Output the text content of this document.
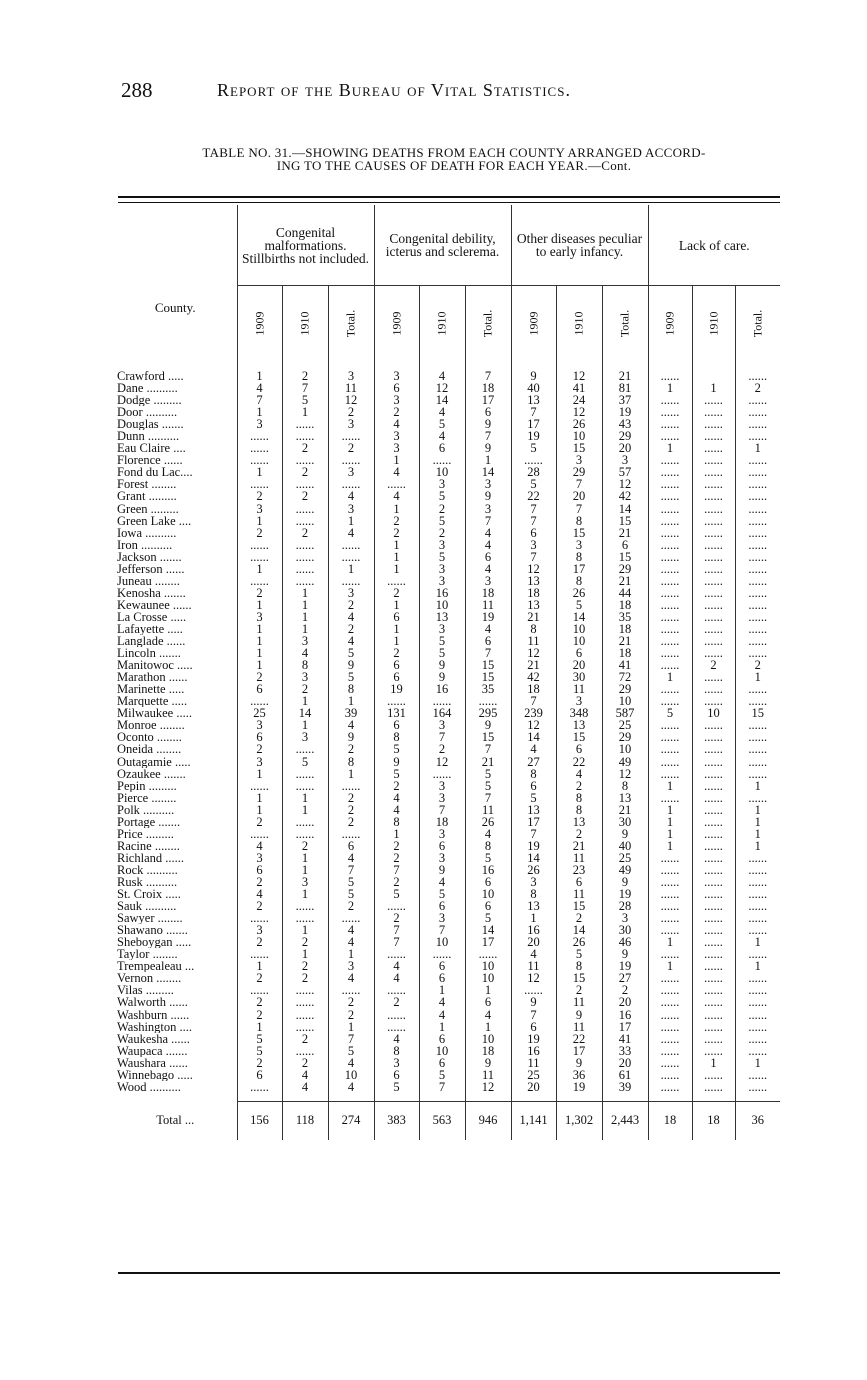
288	Report of the Bureau of Vital Statistics.
TABLE NO. 31.—SHOWING DEATHS FROM EACH COUNTY ARRANGED ACCORD-
ING TO THE CAUSES OF DEATH FOR EACH YEAR.—Cont.
County.	Congenital malformations. Stillbirths not included.			Congenital debility, icterus and sclerema.			Other diseases peculiar to early infancy.			Lack of care.		
	1909	1910	Total.	1909	1910	Total.	1909	1910	Total.	1909	1910	Total.

Crawford .....	1	2	3	3	4	7	9	12	21	......		......
Dane ..........	4	7	11	6	12	18	40	41	81	1	1	2
Dodge .........	7	5	12	3	14	17	13	24	37	......	......	......
Door ..........	1	1	2	2	4	6	7	12	19	......	......	......
Douglas .......	3	......	3	4	5	9	17	26	43	......	......	......
Dunn ..........	......	......	......	3	4	7	19	10	29	......	......	......
Eau Claire ....	......	2	2	3	6	9	5	15	20	1	......	1
Florence ......	......	......	......	1	......	1	......	3	3	......	......	......
Fond du Lac....	1	2	3	4	10	14	28	29	57	......	......	......
Forest ........	......	......	......	......	3	3	5	7	12	......	......	......
Grant .........	2	2	4	4	5	9	22	20	42	......	......	......
Green .........	3	......	3	1	2	3	7	7	14	......	......	......
Green Lake ....	1	......	1	2	5	7	7	8	15	......	......	......
Iowa ..........	2	2	4	2	2	4	6	15	21	......	......	......
Iron ..........	......	......	......	1	3	4	3	3	6	......	......	......
Jackson .......	......	......	......	1	5	6	7	8	15	......	......	......
Jefferson ......	1	......	1	1	3	4	12	17	29	......	......	......
Juneau ........	......	......	......	......	3	3	13	8	21	......	......	......
Kenosha .......	2	1	3	2	16	18	18	26	44	......	......	......
Kewaunee ......	1	1	2	1	10	11	13	5	18	......	......	......
La Crosse .....	3	1	4	6	13	19	21	14	35	......	......	......
Lafayette .....	1	1	2	1	3	4	8	10	18	......	......	......
Langlade ......	1	3	4	1	5	6	11	10	21	......	......	......
Lincoln .......	1	4	5	2	5	7	12	6	18	......	......	......
Manitowoc .....	1	8	9	6	9	15	21	20	41	......	2	2
Marathon ......	2	3	5	6	9	15	42	30	72	1	......	1
Marinette .....	6	2	8	19	16	35	18	11	29	......	......	......
Marquette .....	......	1	1	......	......	......	7	3	10	......	......	......
Milwaukee .....	25	14	39	131	164	295	239	348	587	5	10	15
Monroe ........	3	1	4	6	3	9	12	13	25	......	......	......
Oconto ........	6	3	9	8	7	15	14	15	29	......	......	......
Oneida ........	2	......	2	5	2	7	4	6	10	......	......	......
Outagamie .....	3	5	8	9	12	21	27	22	49	......	......	......
Ozaukee .......	1	......	1	5	......	5	8	4	12	......	......	......
Pepin .........	......	......	......	2	3	5	6	2	8	1	......	1
Pierce ........	1	1	2	4	3	7	5	8	13	......	......	......
Polk ..........	1	1	2	4	7	11	13	8	21	1	......	1
Portage .......	2	......	2	8	18	26	17	13	30	1	......	1
Price .........	......	......	......	1	3	4	7	2	9	1	......	1
Racine ........	4	2	6	2	6	8	19	21	40	1	......	1
Richland ......	3	1	4	2	3	5	14	11	25	......	......	......
Rock ..........	6	1	7	7	9	16	26	23	49	......	......	......
Rusk ..........	2	3	5	2	4	6	3	6	9	......	......	......
St. Croix .....	4	1	5	5	5	10	8	11	19	......	......	......
Sauk ..........	2	......	2	......	6	6	13	15	28	......	......	......
Sawyer ........	......	......	......	2	3	5	1	2	3	......	......	......
Shawano .......	3	1	4	7	7	14	16	14	30	......	......	......
Sheboygan .....	2	2	4	7	10	17	20	26	46	1	......	1
Taylor ........	......	1	1	......	......	......	4	5	9	......	......	......
Trempealeau ...	1	2	3	4	6	10	11	8	19	1	......	1
Vernon ........	2	2	4	4	6	10	12	15	27	......	......	......
Vilas .........	......	......	......	......	1	1	......	2	2	......	......	......
Walworth ......	2	......	2	2	4	6	9	11	20	......	......	......
Washburn ......	2	......	2	......	4	4	7	9	16	......	......	......
Washington ....	1	......	1	......	1	1	6	11	17	......	......	......
Waukesha ......	5	2	7	4	6	10	19	22	41	......	......	......
Waupaca .......	5	......	5	8	10	18	16	17	33	......	......	......
Waushara ......	2	2	4	3	6	9	11	9	20	......	1	1
Winnebago .....	6	4	10	6	5	11	25	36	61	......	......	......
Wood ..........	......	4	4	5	7	12	20	19	39	......	......	......

Total ...	156	118	274	383	563	946	1,141	1,302	2,443	18	18	36
